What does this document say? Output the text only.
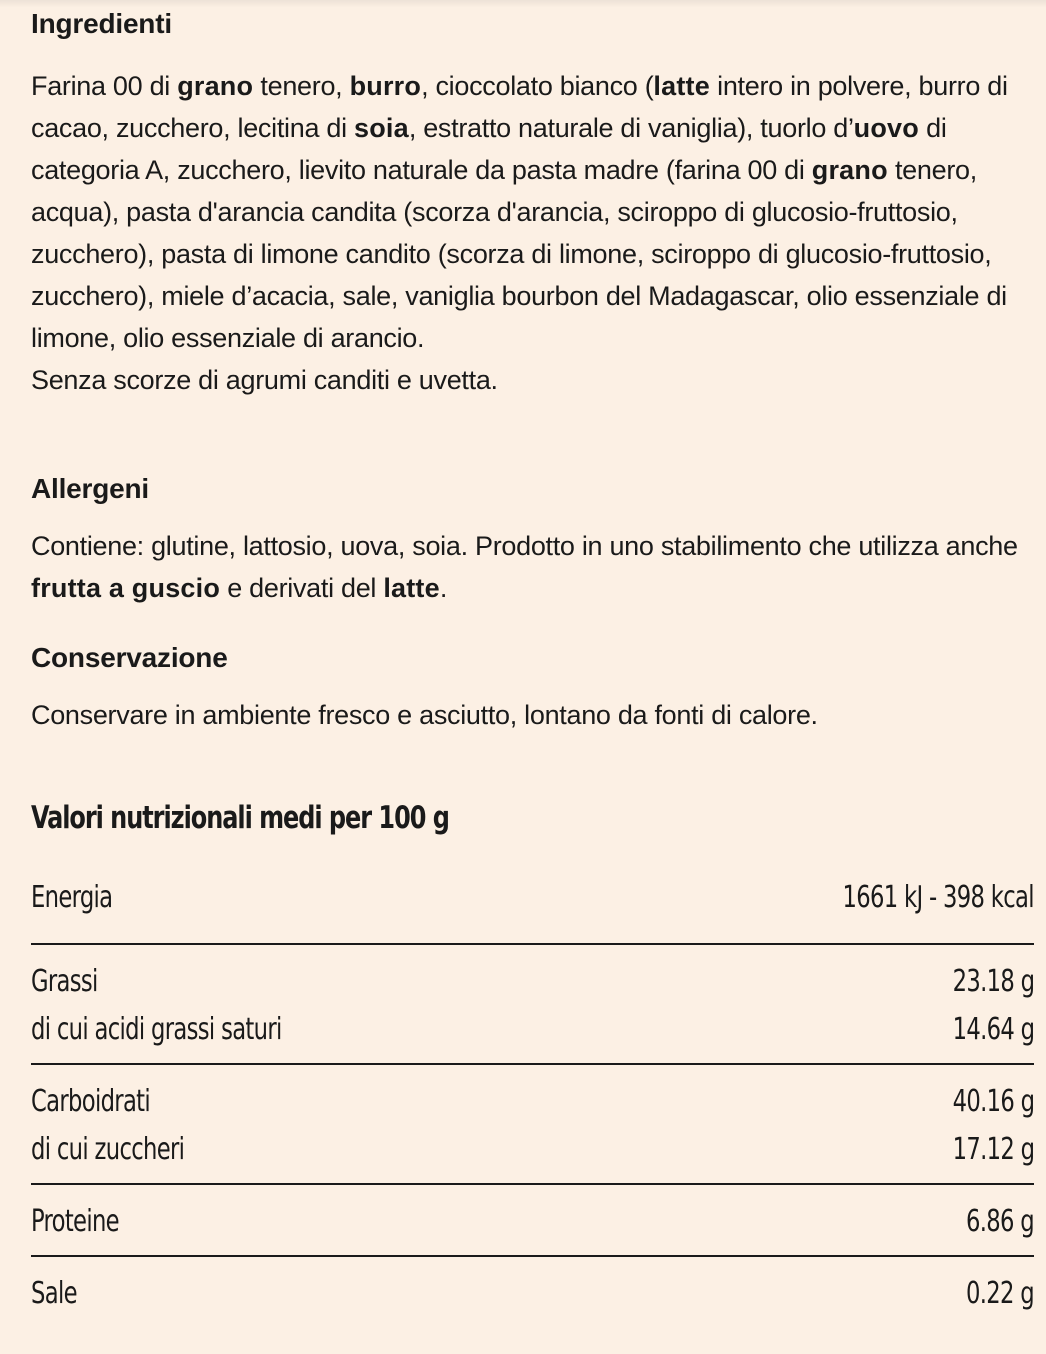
Ingredienti

Farina 00 di grano tenero, burro, cioccolato bianco (latte intero in polvere, burro di cacao, zucchero, lecitina di soia, estratto naturale di vaniglia), tuorlo d’uovo di categoria A, zucchero, lievito naturale da pasta madre (farina 00 di grano tenero, acqua), pasta d'arancia candita (scorza d'arancia, sciroppo di glucosio-fruttosio, zucchero), pasta di limone candito (scorza di limone, sciroppo di glucosio-fruttosio, zucchero), miele d’acacia, sale, vaniglia bourbon del Madagascar, olio essenziale di limone, olio essenziale di arancio.
Senza scorze di agrumi canditi e uvetta.

Allergeni

Contiene: glutine, lattosio, uova, soia. Prodotto in uno stabilimento che utilizza anche frutta a guscio e derivati del latte.

Conservazione

Conservare in ambiente fresco e asciutto, lontano da fonti di calore.

Valori nutrizionali medi per 100 g
Energia	1661 kJ - 398 kcal
Grassi	23.18 g
di cui acidi grassi saturi	14.64 g
Carboidrati	40.16 g
di cui zuccheri	17.12 g
Proteine	6.86 g
Sale	0.22 g
